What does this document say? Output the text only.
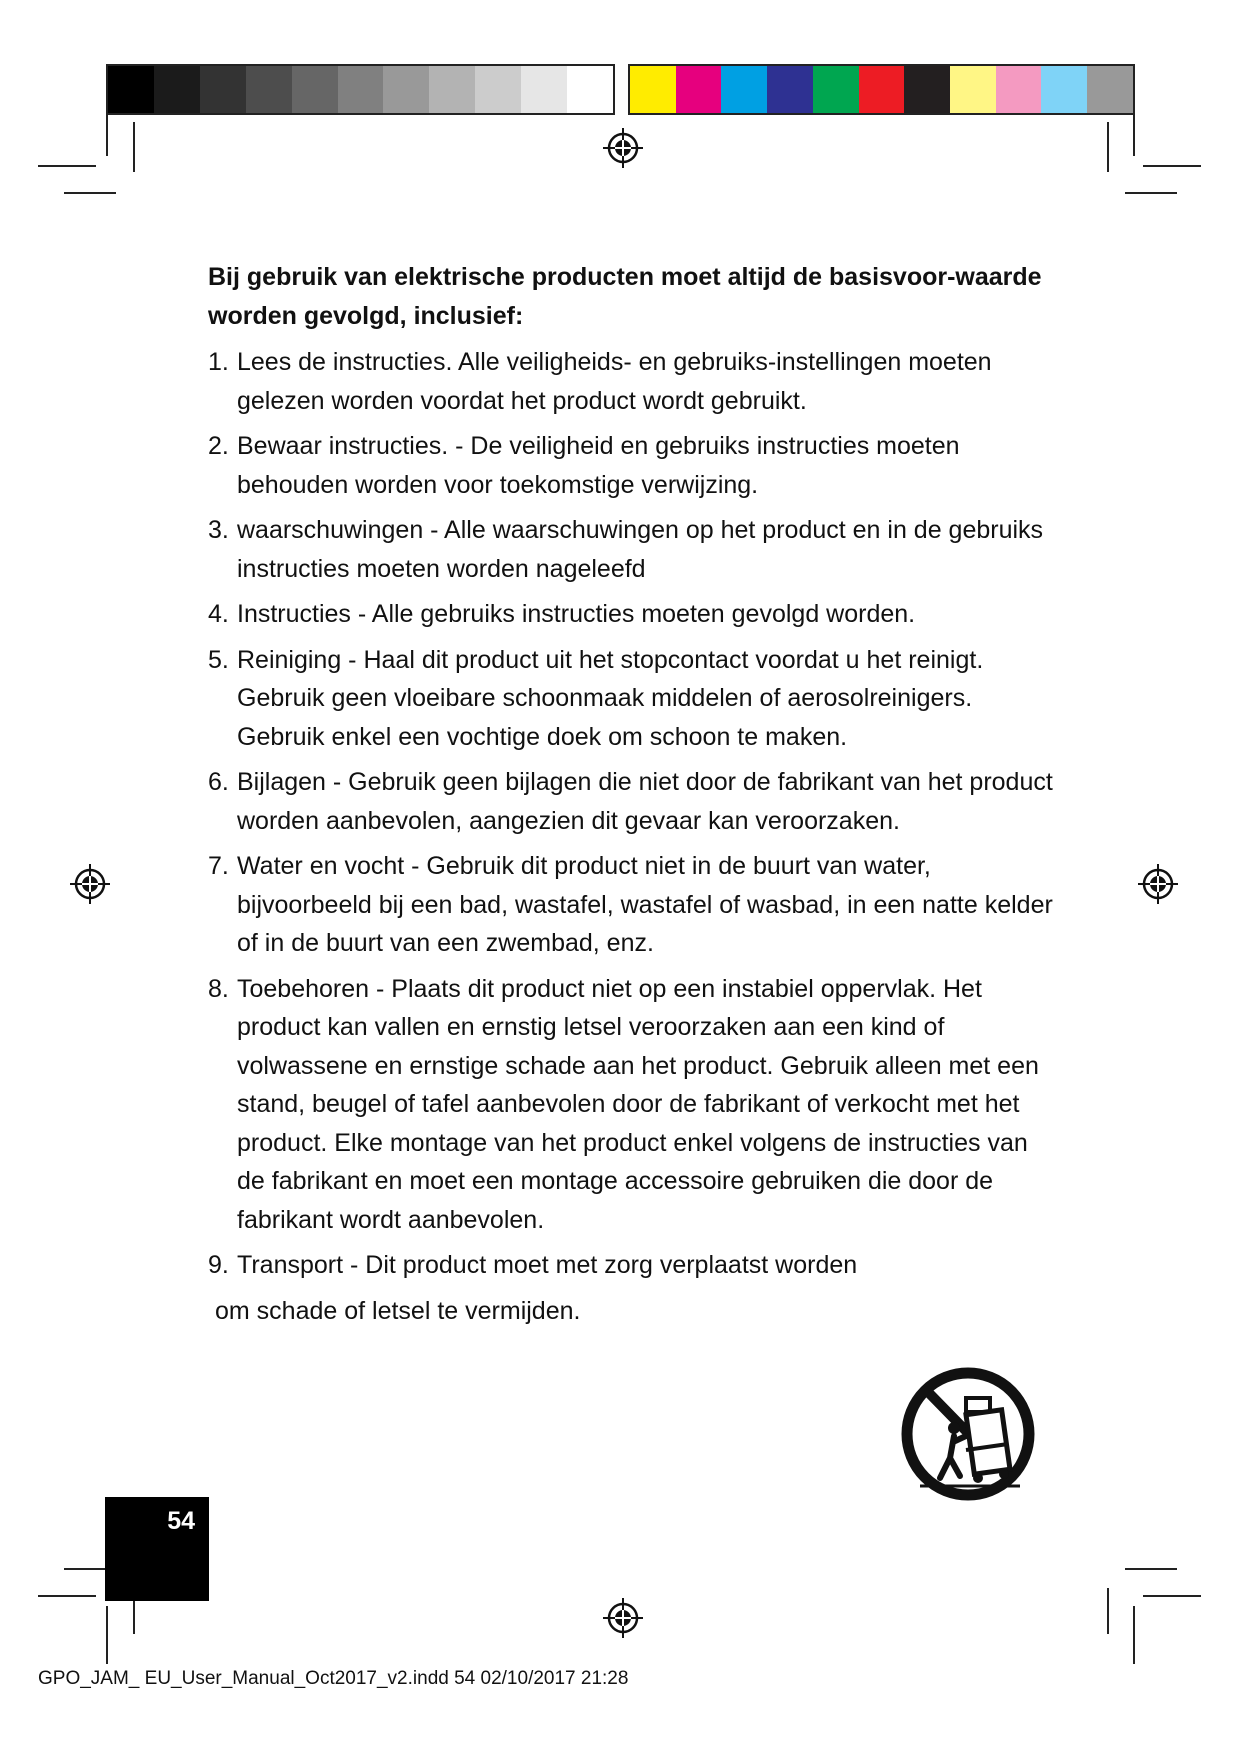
Bij gebruik van elektrische producten moet altijd de basisvoor-waarde worden gevolgd, inclusief:
1. Lees de instructies. Alle veiligheids- en gebruiks-instellingen moeten gelezen worden voordat het product wordt gebruikt.
2. Bewaar instructies. - De veiligheid en gebruiks instructies moeten behouden worden voor toekomstige verwijzing.
3. waarschuwingen - Alle waarschuwingen op het product en in de gebruiks instructies moeten worden nageleefd
4. Instructies - Alle gebruiks instructies moeten gevolgd worden.
5. Reiniging - Haal dit product uit het stopcontact voordat u het reinigt. Gebruik geen vloeibare schoonmaak middelen of aerosolreinigers. Gebruik enkel een vochtige doek om schoon te maken.
6. Bijlagen - Gebruik geen bijlagen die niet door de fabrikant van het product worden aanbevolen, aangezien dit gevaar kan veroorzaken.
7. Water en vocht - Gebruik dit product niet in de buurt van water, bijvoorbeeld bij een bad, wastafel, wastafel of wasbad, in een natte kelder of in de buurt van een zwembad, enz.
8. Toebehoren - Plaats dit product niet op een instabiel oppervlak. Het product kan vallen en ernstig letsel veroorzaken aan een kind of volwassene en ernstige schade aan het product. Gebruik alleen met een stand, beugel of tafel aanbevolen door de fabrikant of verkocht met het product. Elke montage van het product enkel volgens de instructies van de fabrikant en moet een montage accessoire gebruiken die door de fabrikant wordt aanbevolen.
9. Transport - Dit product moet met zorg verplaatst worden
om schade of letsel te vermijden.
54
GPO_JAM_ EU_User_Manual_Oct2017_v2.indd 54 02/10/2017 21:28
